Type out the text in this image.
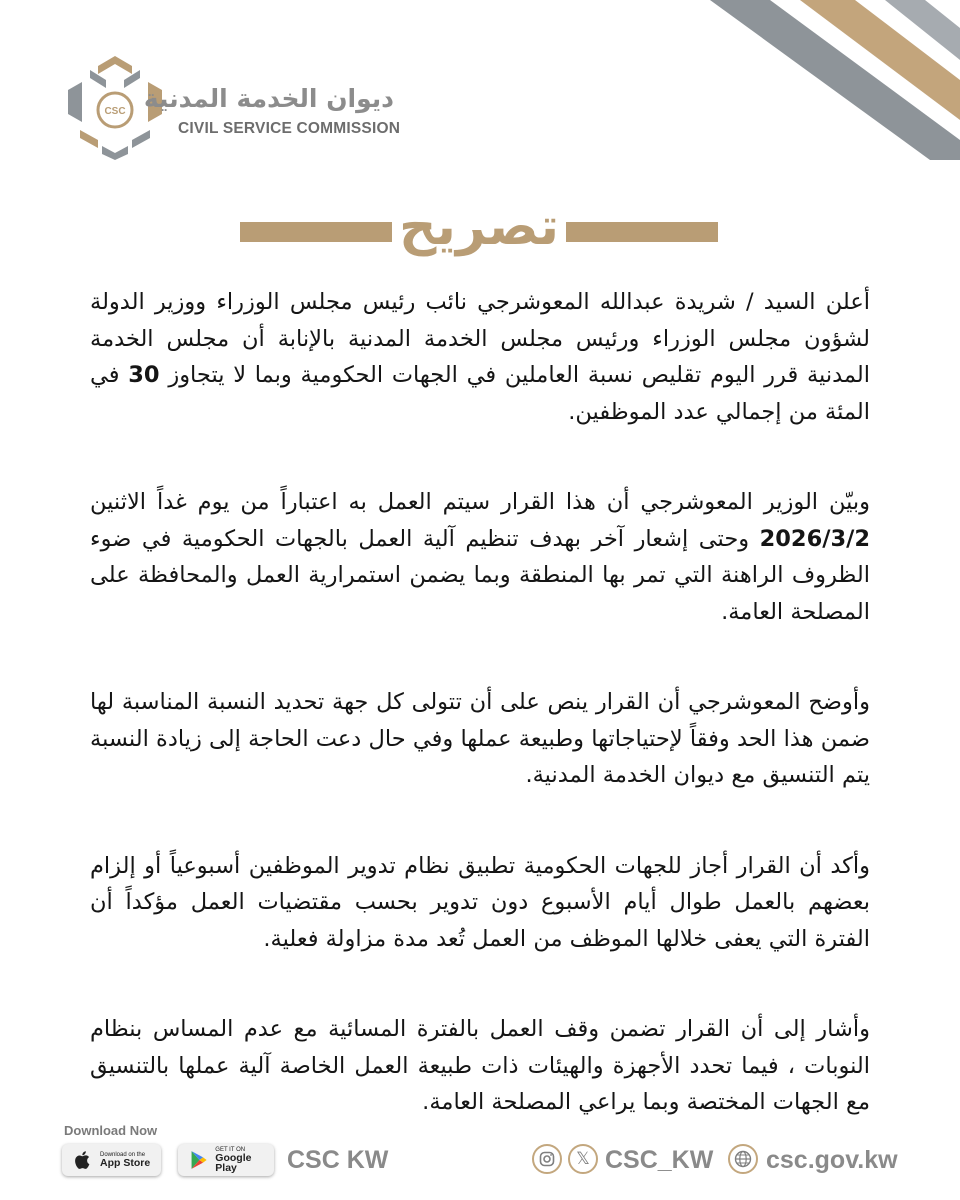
CSC ديوان الخدمة المدنية
CIVIL SERVICE COMMISSION
تصريح

أعلن السيد / شريدة عبدالله المعوشرجي نائب رئيس مجلس الوزراء ووزير الدولة لشؤون مجلس الوزراء ورئيس مجلس الخدمة المدنية بالإنابة أن مجلس الخدمة المدنية قرر اليوم تقليص نسبة العاملين في الجهات الحكومية وبما لا يتجاوز 30 في المئة من إجمالي عدد الموظفين.

وبيّن الوزير المعوشرجي أن هذا القرار سيتم العمل به اعتباراً من يوم غداً الاثنين 2026/3/2 وحتى إشعار آخر بهدف تنظيم آلية العمل بالجهات الحكومية في ضوء الظروف الراهنة التي تمر بها المنطقة وبما يضمن استمرارية العمل والمحافظة على المصلحة العامة.

وأوضح المعوشرجي أن القرار ينص على أن تتولى كل جهة تحديد النسبة المناسبة لها ضمن هذا الحد وفقاً لإحتياجاتها وطبيعة عملها وفي حال دعت الحاجة إلى زيادة النسبة يتم التنسيق مع ديوان الخدمة المدنية.

وأكد أن القرار أجاز للجهات الحكومية تطبيق نظام تدوير الموظفين أسبوعياً أو إلزام بعضهم بالعمل طوال أيام الأسبوع دون تدوير بحسب مقتضيات العمل مؤكداً أن الفترة التي يعفى خلالها الموظف من العمل تُعد مدة مزاولة فعلية.

وأشار إلى أن القرار تضمن وقف العمل بالفترة المسائية مع عدم المساس بنظام النوبات ، فيما تحدد الأجهزة والهيئات ذات طبيعة العمل الخاصة آلية عملها بالتنسيق مع الجهات المختصة وبما يراعي المصلحة العامة.

Download Now
Download on the
App Store
GET IT ON
Google Play	CSC KW	𝕏 CSC_KW csc.gov.kw
